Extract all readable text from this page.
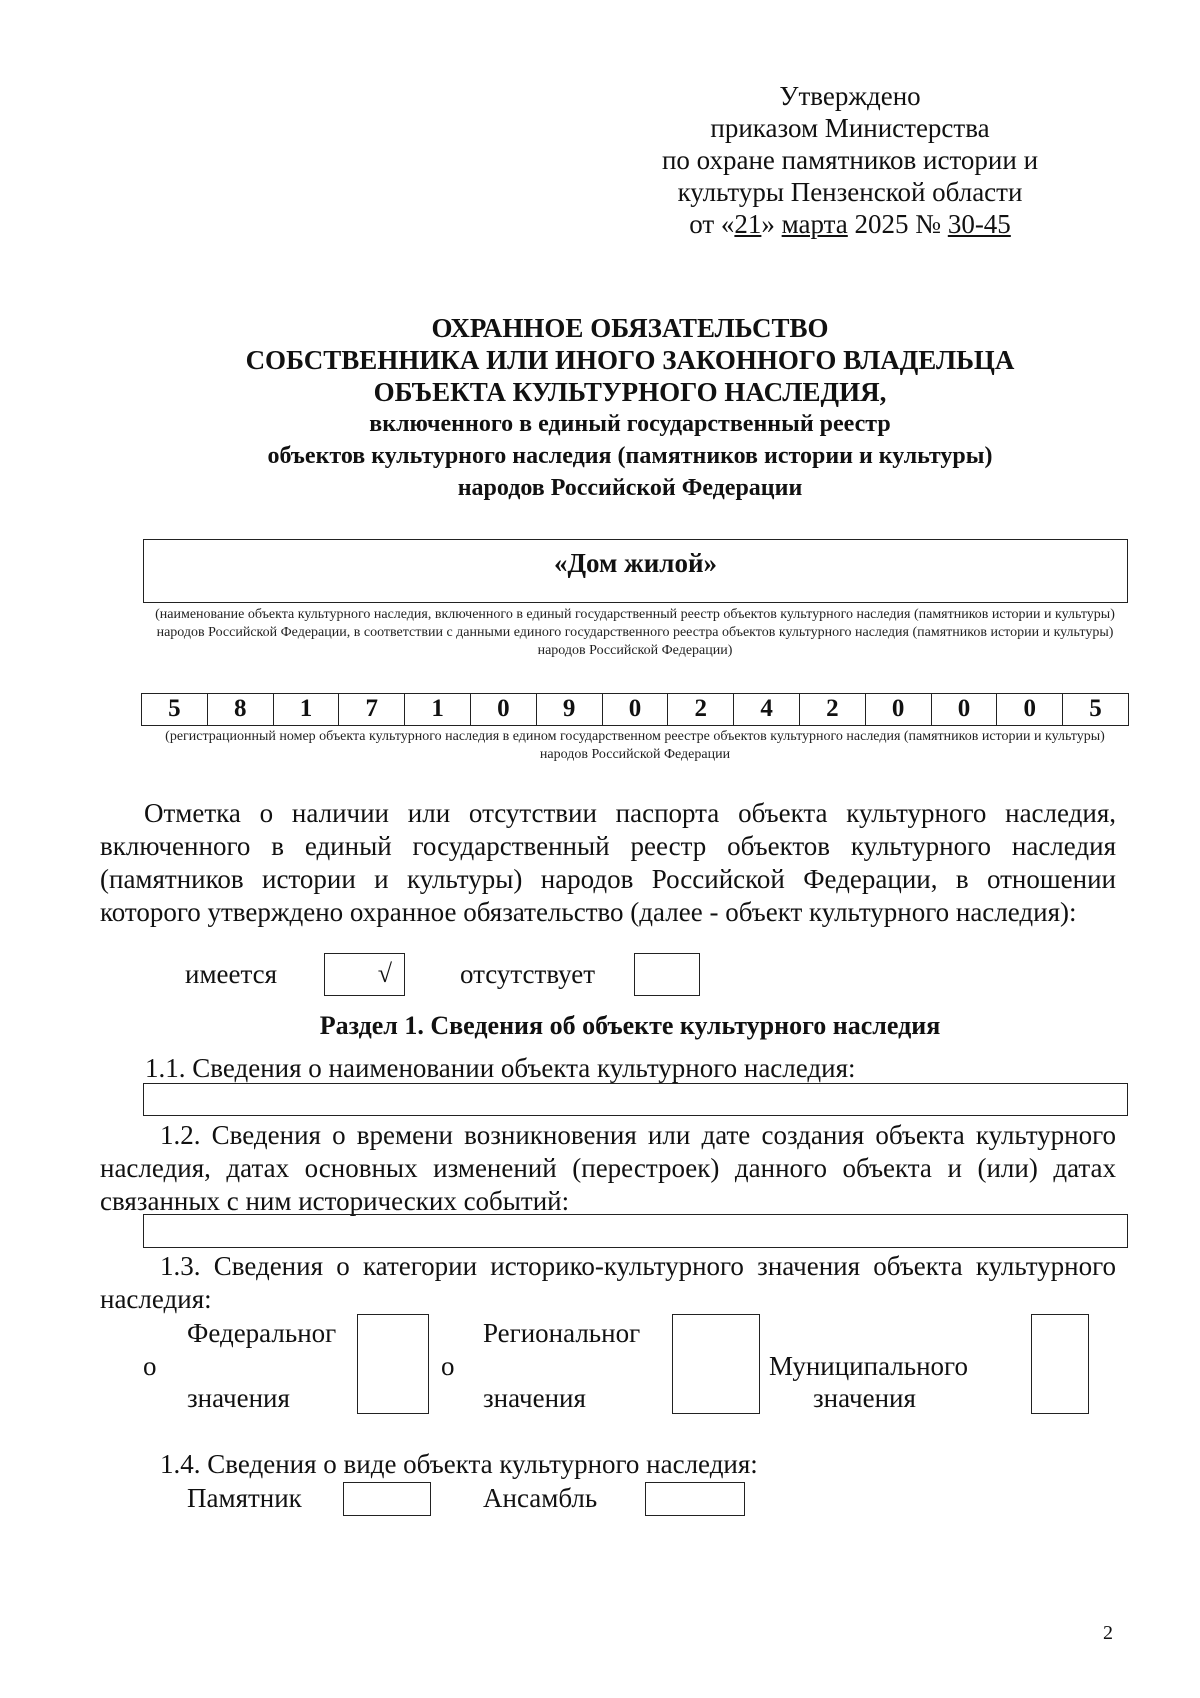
Утверждено
приказом Министерства
по охране памятников истории и
культуры Пензенской области
от «21» марта 2025 № 30-45
ОХРАННОЕ ОБЯЗАТЕЛЬСТВО
СОБСТВЕННИКА ИЛИ ИНОГО ЗАКОННОГО ВЛАДЕЛЬЦА
ОБЪЕКТА КУЛЬТУРНОГО НАСЛЕДИЯ,
включенного в единый государственный реестр
объектов культурного наследия (памятников истории и культуры)
народов Российской Федерации
«Дом жилой»
(наименование объекта культурного наследия, включенного в единый государственный реестр объектов культурного наследия (памятников истории и культуры) народов Российской Федерации, в соответствии с данными единого государственного реестра объектов культурного наследия (памятников истории и культуры) народов Российской Федерации)
5	8	1	7	1	0	9	0	2	4	2	0	0	0	5
(регистрационный номер объекта культурного наследия в едином государственном реестре объектов культурного наследия (памятников истории и культуры) народов Российской Федерации
Отметка о наличии или отсутствии паспорта объекта культурного наследия, включенного в единый государственный реестр объектов культурного наследия (памятников истории и культуры) народов Российской Федерации, в отношении которого утверждено охранное обязательство (далее - объект культурного наследия):
имеется	√	отсутствует
Раздел 1. Сведения об объекте культурного наследия
1.1. Сведения о наименовании объекта культурного наследия:
1.2. Сведения о времени возникновения или дате создания объекта культурного наследия, датах основных изменений (перестроек) данного объекта и (или) датах связанных с ним исторических событий:
1.3. Сведения о категории историко-культурного значения объекта культурного наследия:
Федеральног
о
значения
Региональног
о
значения
Муниципального
значения
1.4. Сведения о виде объекта культурного наследия:
Памятник	Ансамбль
2
